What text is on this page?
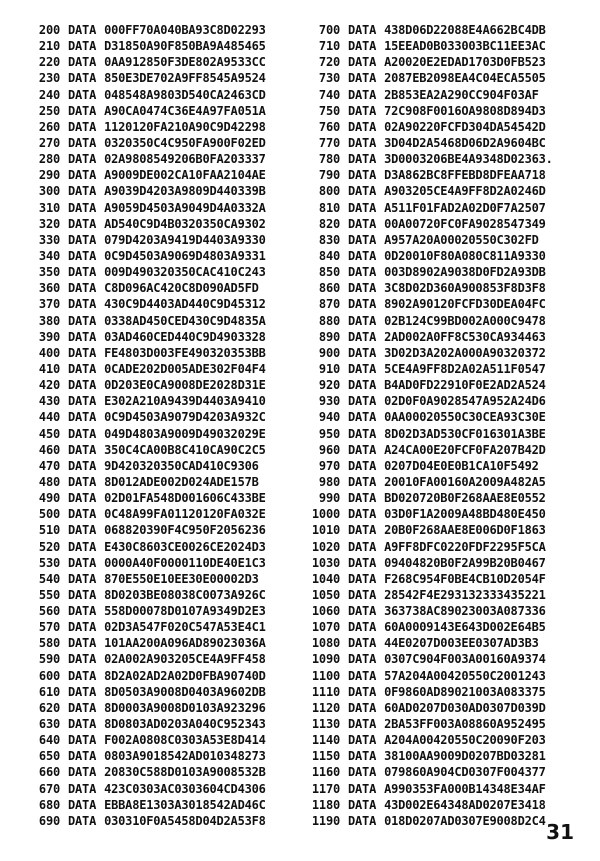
200 DATA 000FF70A040BA93C8D02293
210 DATA D31850A90F850BA9A485465
220 DATA 0AA912850F3DE802A9533CC
230 DATA 850E3DE702A9FF8545A9524
240 DATA 048548A9803D540CA2463CD
250 DATA A90CA0474C36E4A97FA051A
260 DATA 1120120FA210A90C9D42298
270 DATA 0320350C4C950FA900F02ED
280 DATA 02A9808549206B0FA203337
290 DATA A9009DE002CA10FAA2104AE
300 DATA A9039D4203A9809D440339B
310 DATA A9059D4503A9049D4A0332A
320 DATA AD540C9D4B0320350CA9302
330 DATA 079D4203A9419D4403A9330
340 DATA 0C9D4503A9069D4803A9331
350 DATA 009D490320350CAC410C243
360 DATA C8D096AC420C8D090AD5FD
370 DATA 430C9D4403AD440C9D45312
380 DATA 0338AD450CED430C9D4835A
390 DATA 03AD460CED440C9D4903328
400 DATA FE4803D003FE490320353BB
410 DATA 0CADE202D005ADE302F04F4
420 DATA 0D203E0CA9008DE2028D31E
430 DATA E302A210A9439D4403A9410
440 DATA 0C9D4503A9079D4203A932C
450 DATA 049D4803A9009D49032029E
460 DATA 350C4CA00B8C410CA90C2C5
470 DATA 9D420320350CAD410C9306
480 DATA 8D012ADE002D024ADE157B
490 DATA 02D01FA548D001606C433BE
500 DATA 0C48A99FA01120120FA032E
510 DATA 068820390F4C950F2056236
520 DATA E430C8603CE0026CE2024D3
530 DATA 0000A40F0000110DE40E1C3
540 DATA 870E550E10EE30E00002D3
550 DATA 8D0203BE08038C0073A926C
560 DATA 558D00078D0107A9349D2E3
570 DATA 02D3A547F020C547A53E4C1
580 DATA 101AA200A096AD89023036A
590 DATA 02A002A903205CE4A9FF458
600 DATA 8D2A02AD2A02D0FBA90740D
610 DATA 8D0503A9008D0403A9602DB
620 DATA 8D0003A9008D0103A923296
630 DATA 8D0803AD0203A040C952343
640 DATA F002A0808C0303A53E8D414
650 DATA 0803A9018542AD010348273
660 DATA 20830C588D0103A9008532B
670 DATA 423C0303AC0303604CD4306
680 DATA EBBA8E1303A3018542AD46C
690 DATA 030310F0A5458D04D2A53F8
700 DATA 438D06D22088E4A662BC4DB
710 DATA 15EEAD0B033003BC11EE3AC
720 DATA A20020E2EDAD1703D0FB523
730 DATA 2087EB2098EA4C04ECA5505
740 DATA 2B853EA2A290CC904F03AF
750 DATA 72C908F0016OA9808D894D3
760 DATA 02A90220FCFD304DA54542D
770 DATA 3D04D2A5468D06D2A9604BC
780 DATA 3D0003206BE4A9348D02363.
790 DATA D3A862BC8FFEBD8DFEAA718
800 DATA A903205CE4A9FF8D2A0246D
810 DATA A511F01FAD2A02D0F7A2507
820 DATA 00A00720FC0FA9028547349
830 DATA A957A20A00020550C302FD
840 DATA 0D20010F80A080C811A9330
850 DATA 003D8902A9038D0FD2A93DB
860 DATA 3C8D02D360A900853F8D3F8
870 DATA 8902A90120FCFD30DEA04FC
880 DATA 02B124C99BD002A000C9478
890 DATA 2AD002A0FF8C530CA934463
900 DATA 3D02D3A202A000A90320372
910 DATA 5CE4A9FF8D2A02A511F0547
920 DATA B4AD0FD22910F0E2AD2A524
930 DATA 02D0F0A9028547A952A24D6
940 DATA 0AA00020550C30CEA93C30E
950 DATA 8D02D3AD530CF016301A3BE
960 DATA A24CA00E20FCF0FA207B42D
970 DATA 0207D04E0E0B1CA10F5492
980 DATA 20010FA00160A2009A482A5
990 DATA BD020720B0F268AAE8E0552
1000 DATA 03D0F1A2009A48BD480E450
1010 DATA 20B0F268AAE8E006D0F1863
1020 DATA A9FF8DFC0220FDF2295F5CA
1030 DATA 09404820B0F2A99B20B0467
1040 DATA F268C954F0BE4CB10D2054F
1050 DATA 28542F4E293132333435221
1060 DATA 363738AC89023003A087336
1070 DATA 60A0009143E643D002E64B5
1080 DATA 44E0207D003EE0307AD3B3
1090 DATA 0307C904F003A00160A9374
1100 DATA 57A204A00420550C2001243
1110 DATA 0F9860AD89021003A083375
1120 DATA 60AD0207D030AD0307D039D
1130 DATA 2BA53FF003A08860A952495
1140 DATA A204A00420550C20090F203
1150 DATA 38100AA9009D0207BD03281
1160 DATA 079860A904CD0307F004377
1170 DATA A990353FA000B14348E34AF
1180 DATA 43D002E64348AD0207E3418
1190 DATA 018D0207AD0307E9008D2C4 31
